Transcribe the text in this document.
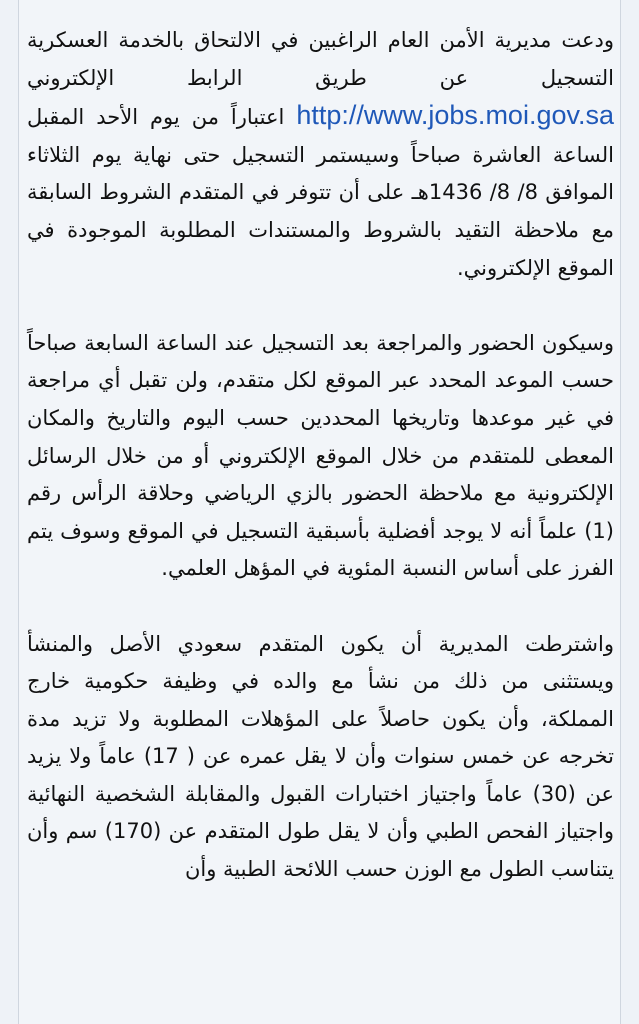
ودعت مديرية الأمن العام الراغبين في الالتحاق بالخدمة العسكرية التسجيل عن طريق الرابط الإلكتروني http://www.jobs.moi.gov.sa اعتباراً من يوم الأحد المقبل الساعة العاشرة صباحاً وسيستمر التسجيل حتى نهاية يوم الثلاثاء الموافق 8/ 8/ 1436هـ على أن تتوفر في المتقدم الشروط السابقة مع ملاحظة التقيد بالشروط والمستندات المطلوبة الموجودة في الموقع الإلكتروني.

وسيكون الحضور والمراجعة بعد التسجيل عند الساعة السابعة صباحاً حسب الموعد المحدد عبر الموقع لكل متقدم، ولن تقبل أي مراجعة في غير موعدها وتاريخها المحددين حسب اليوم والتاريخ والمكان المعطى للمتقدم من خلال الموقع الإلكتروني أو من خلال الرسائل الإلكترونية مع ملاحظة الحضور بالزي الرياضي وحلاقة الرأس رقم (1) علماً أنه لا يوجد أفضلية بأسبقية التسجيل في الموقع وسوف يتم الفرز على أساس النسبة المئوية في المؤهل العلمي.

واشترطت المديرية أن يكون المتقدم سعودي الأصل والمنشأ ويستثنى من ذلك من نشأ مع والده في وظيفة حكومية خارج المملكة، وأن يكون حاصلاً على المؤهلات المطلوبة ولا تزيد مدة تخرجه عن خمس سنوات وأن لا يقل عمره عن ( 17) عاماً ولا يزيد عن (30) عاماً واجتياز اختبارات القبول والمقابلة الشخصية النهائية واجتياز الفحص الطبي وأن لا يقل طول المتقدم عن (170) سم وأن يتناسب الطول مع الوزن حسب اللائحة الطبية وأن
